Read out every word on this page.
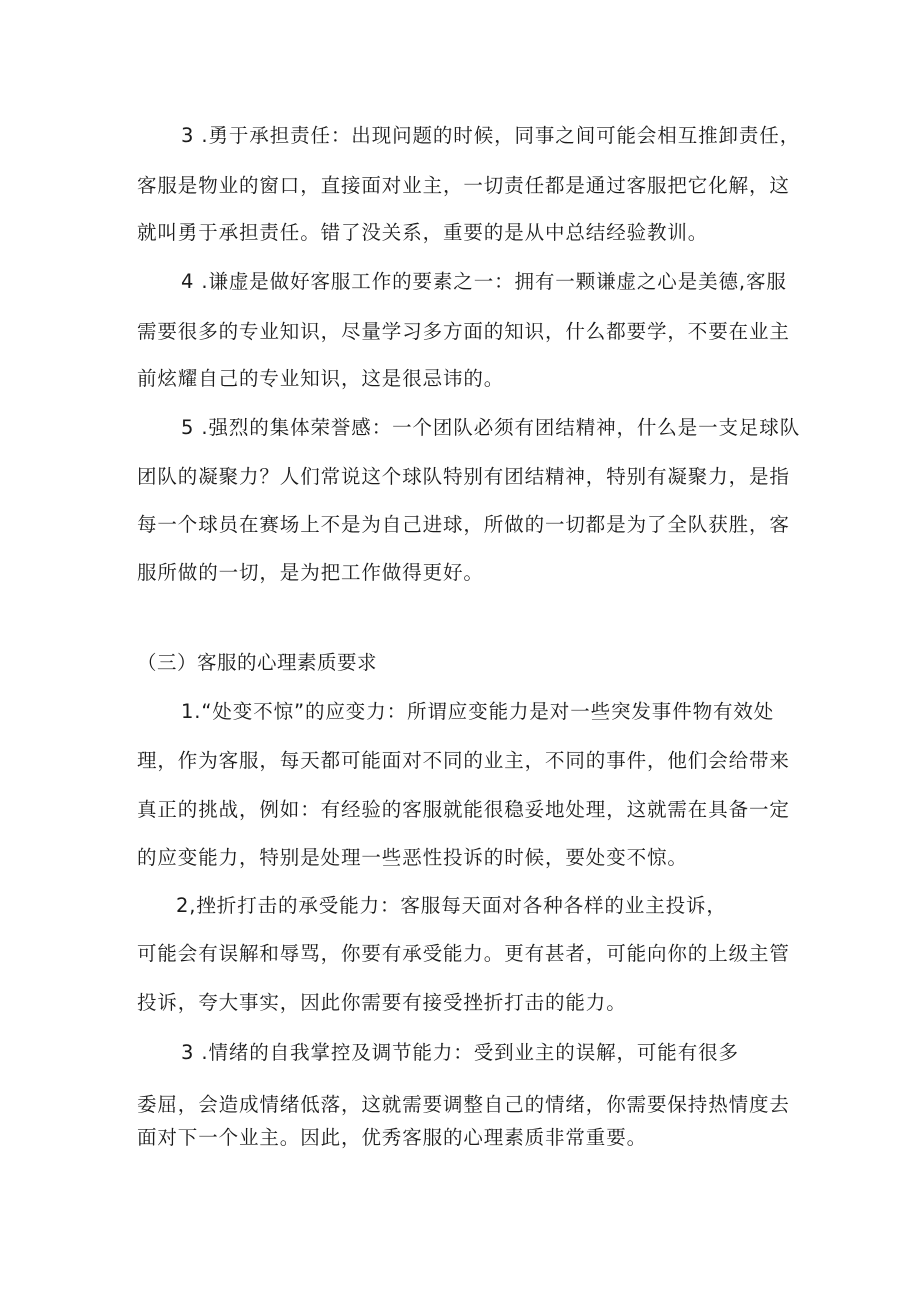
3 .勇于承担责任：出现问题的时候，同事之间可能会相互推卸责任，
客服是物业的窗口，直接面对业主，一切责任都是通过客服把它化解，这
就叫勇于承担责任。错了没关系，重要的是从中总结经验教训。
4 .谦虚是做好客服工作的要素之一：拥有一颗谦虚之心是美德,客服
需要很多的专业知识，尽量学习多方面的知识，什么都要学，不要在业主
前炫耀自己的专业知识，这是很忌讳的。
5 .强烈的集体荣誉感：一个团队必须有团结精神，什么是一支足球队
团队的凝聚力？人们常说这个球队特别有团结精神，特别有凝聚力，是指
每一个球员在赛场上不是为自己进球，所做的一切都是为了全队获胜，客
服所做的一切，是为把工作做得更好。
（三）客服的心理素质要求
1.“处变不惊”的应变力：所谓应变能力是对一些突发事件物有效处
理，作为客服，每天都可能面对不同的业主，不同的事件，他们会给带来
真正的挑战，例如：有经验的客服就能很稳妥地处理，这就需在具备一定
的应变能力，特别是处理一些恶性投诉的时候，要处变不惊。
2,挫折打击的承受能力：客服每天面对各种各样的业主投诉，
可能会有误解和辱骂，你要有承受能力。更有甚者，可能向你的上级主管
投诉，夸大事实，因此你需要有接受挫折打击的能力。
3 .情绪的自我掌控及调节能力：受到业主的误解，可能有很多
委屈，会造成情绪低落，这就需要调整自己的情绪，你需要保持热情度去
面对下一个业主。因此，优秀客服的心理素质非常重要。
